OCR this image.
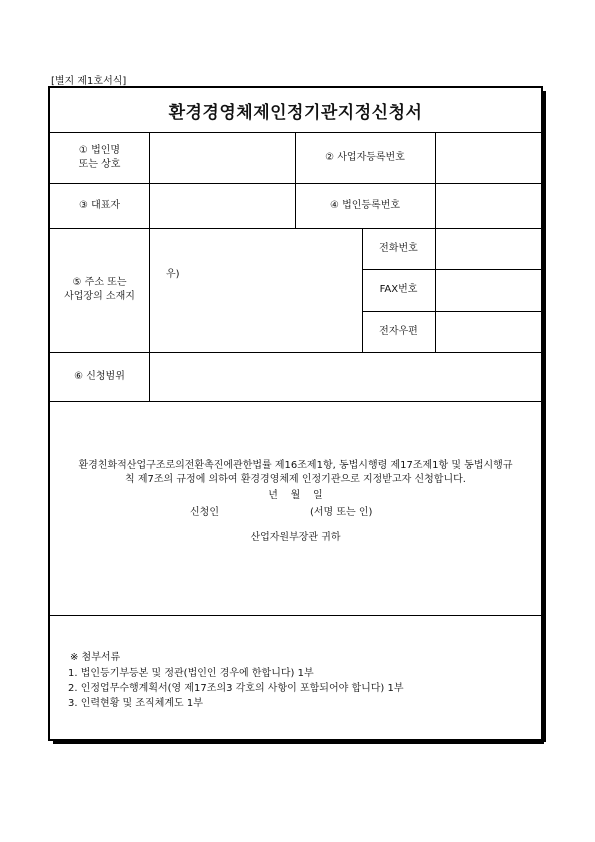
[별지 제1호서식]
환경경영체제인정기관지정신청서
① 법인명
또는 상호
② 사업자등록번호
③ 대표자	④ 법인등록번호
⑤ 주소 또는
사업장의 소재지
우)
전화번호
FAX번호
전자우편
⑥ 신청범위
환경친화적산업구조로의전환촉진에관한법률 제16조제1항, 동법시행령 제17조제1항 및 동법시행규
칙 제7조의 규정에 의하여 환경경영체제 인정기관으로 지정받고자 신청합니다.
년    월    일
신청인	(서명 또는 인)
산업자원부장관 귀하
※ 첨부서류
1. 법인등기부등본 및 정관(법인인 경우에 한합니다) 1부
2. 인정업무수행계획서(영 제17조의3 각호의 사항이 포함되어야 합니다) 1부
3. 인력현황 및 조직체계도 1부
